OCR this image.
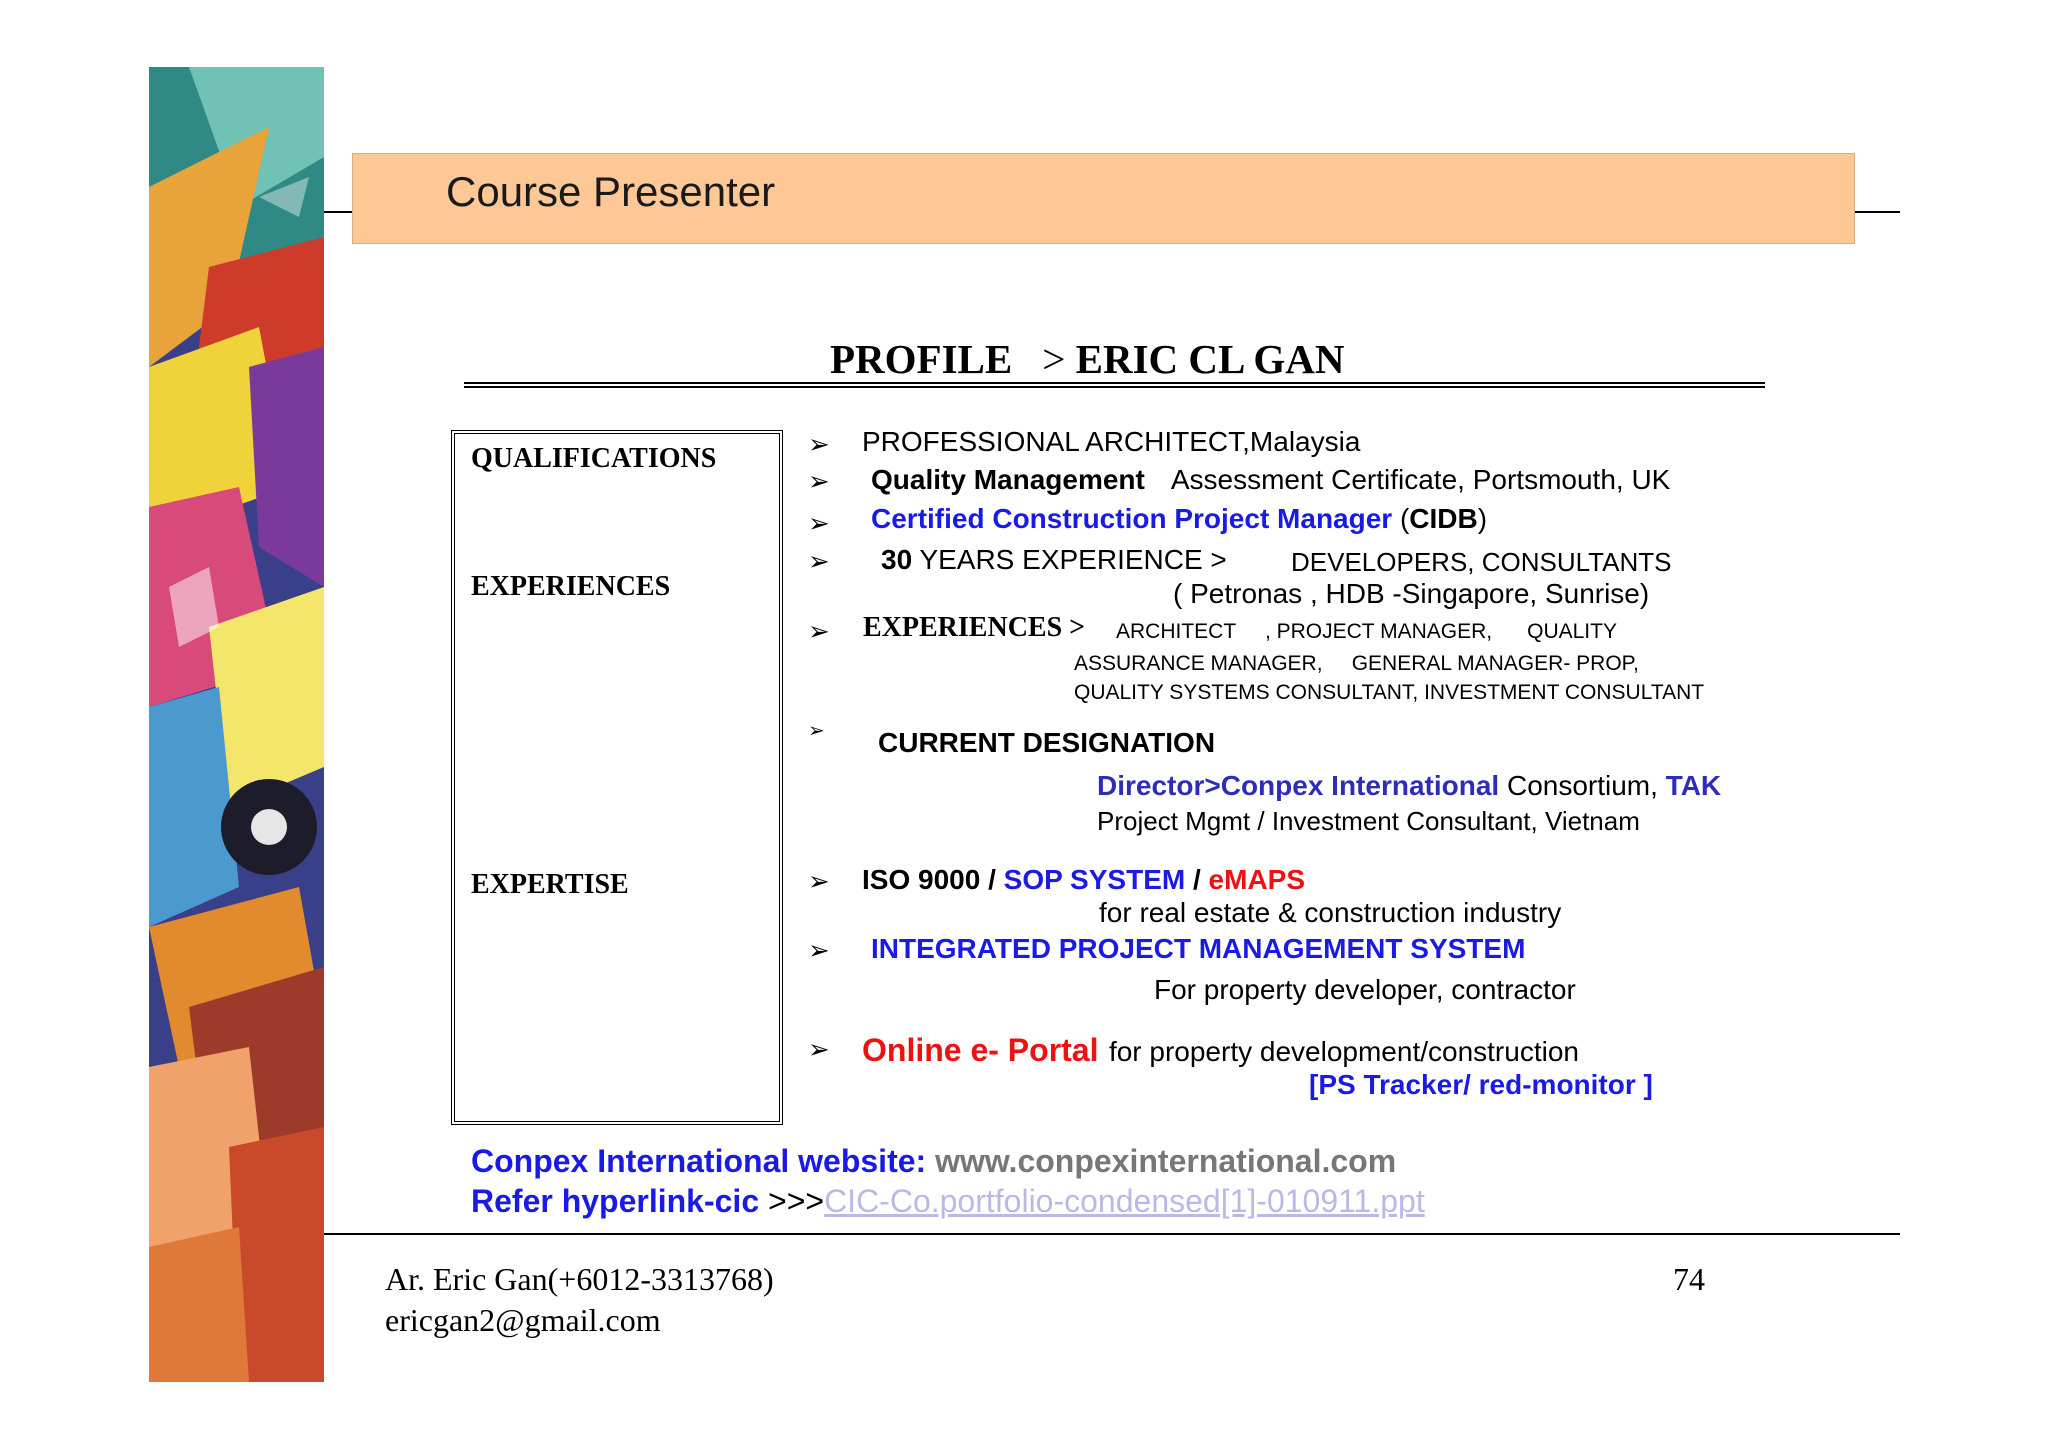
Course Presenter
PROFILE > ERIC CL GAN
QUALIFICATIONS
EXPERIENCES
EXPERTISE
➢
➢
➢
➢
➢
➢
➢
➢
➢
PROFESSIONAL ARCHITECT,Malaysia
Quality Management Assessment Certificate, Portsmouth, UK
Certified Construction Project Manager (CIDB)
30 YEARS EXPERIENCE > DEVELOPERS, CONSULTANTS
( Petronas , HDB -Singapore, Sunrise)
EXPERIENCES > ARCHITECT     , PROJECT MANAGER,      QUALITY
ASSURANCE MANAGER,     GENERAL MANAGER- PROP,
QUALITY SYSTEMS CONSULTANT, INVESTMENT CONSULTANT
CURRENT DESIGNATION
Director>Conpex International Consortium, TAK
Project Mgmt / Investment Consultant, Vietnam
ISO 9000 / SOP SYSTEM / eMAPS
for real estate & construction industry
INTEGRATED PROJECT MANAGEMENT SYSTEM
For property developer, contractor
Online e- Portal for property development/construction
[PS Tracker/ red-monitor ]
Conpex International website: www.conpexinternational.com
Refer hyperlink-cic >>>CIC-Co.portfolio-condensed[1]-010911.ppt
Ar. Eric Gan(+6012-3313768)
ericgan2@gmail.com
74
